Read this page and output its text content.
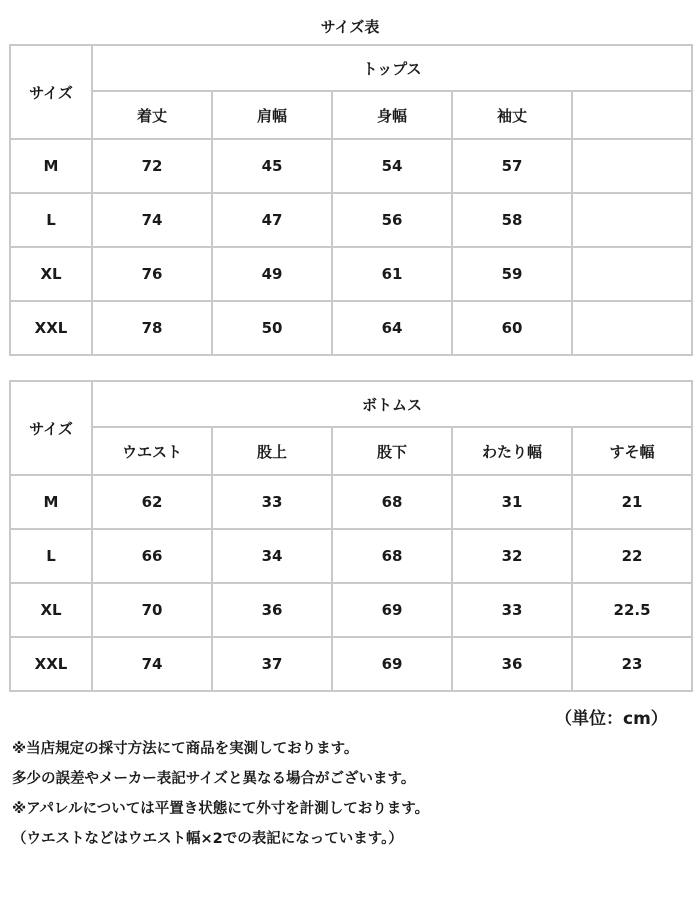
サイズ表
サイズ	トップス				
	着丈	肩幅	身幅	袖丈	
M	72	45	54	57	
L	74	47	56	58	
XL	76	49	61	59	
XXL	78	50	64	60	
サイズ	ボトムス				
	ウエスト	股上	股下	わたり幅	すそ幅
M	62	33	68	31	21
L	66	34	68	32	22
XL	70	36	69	33	22.5
XXL	74	37	69	36	23
（単位：cm）

※当店規定の採寸方法にて商品を実測しております。

多少の誤差やメーカー表記サイズと異なる場合がございます。

※アパレルについては平置き状態にて外寸を計測しております。

（ウエストなどはウエスト幅×2での表記になっています。）
